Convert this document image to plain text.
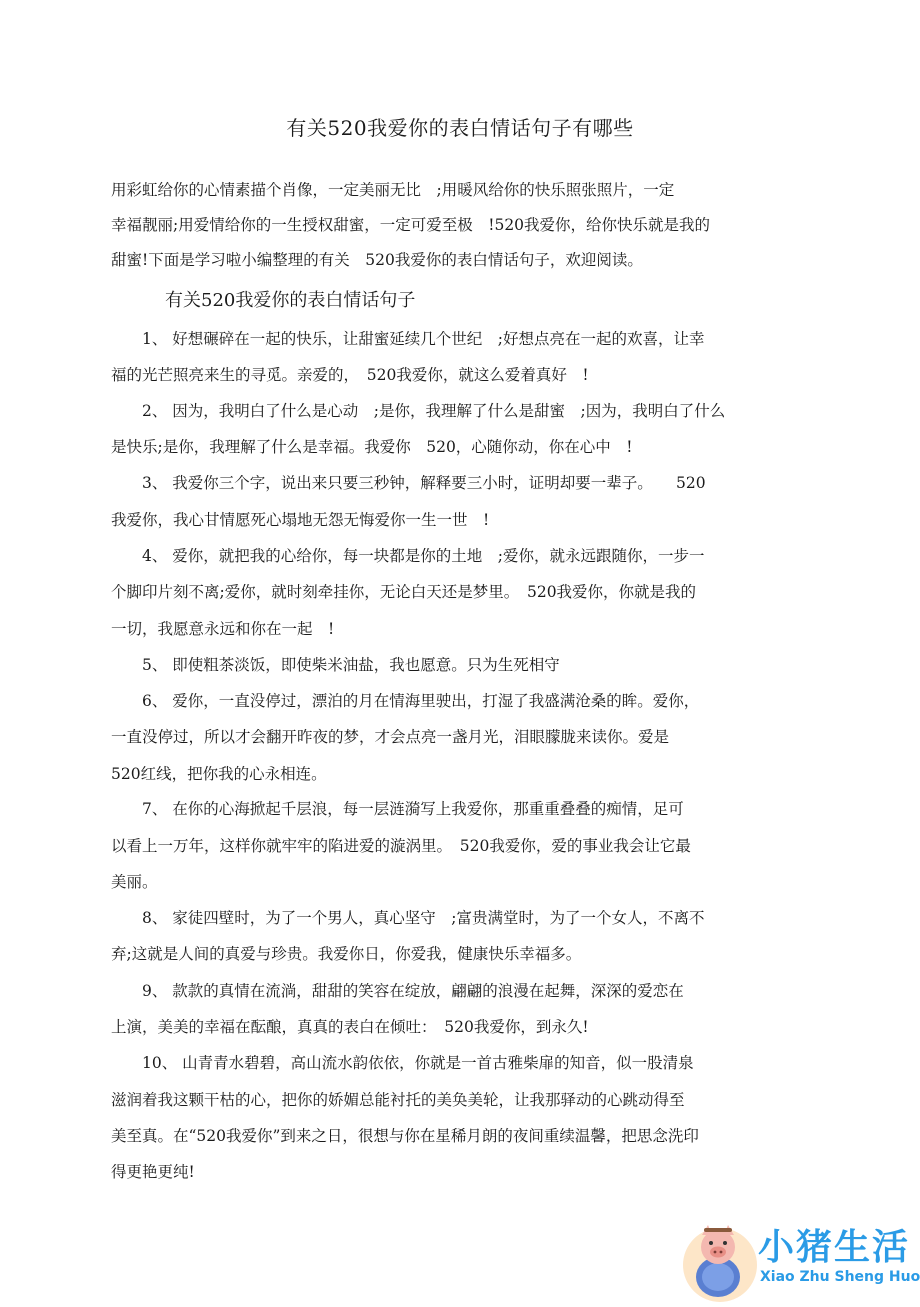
有关520我爱你的表白情话句子有哪些
用彩虹给你的心情素描个肖像，一定美丽无比　;用暖风给你的快乐照张照片，一定
幸福靓丽;用爱情给你的一生授权甜蜜，一定可爱至极　!520我爱你，给你快乐就是我的
甜蜜!下面是学习啦小编整理的有关　520我爱你的表白情话句子，欢迎阅读。
有关520我爱你的表白情话句子
　　1、 好想碾碎在一起的快乐，让甜蜜延续几个世纪　;好想点亮在一起的欢喜，让幸
福的光芒照亮来生的寻觅。亲爱的，　520我爱你，就这么爱着真好　!
　　2、 因为，我明白了什么是心动　;是你，我理解了什么是甜蜜　;因为，我明白了什么
是快乐;是你，我理解了什么是幸福。我爱你　520，心随你动，你在心中　!
　　3、 我爱你三个字，说出来只要三秒钟，解释要三小时，证明却要一辈子。　　520
我爱你，我心甘情愿死心塌地无怨无悔爱你一生一世　!
　　4、 爱你，就把我的心给你，每一块都是你的土地　;爱你，就永远跟随你，一步一
个脚印片刻不离;爱你，就时刻牵挂你，无论白天还是梦里。　520我爱你，你就是我的
一切，我愿意永远和你在一起　!
　　5、 即使粗茶淡饭，即使柴米油盐，我也愿意。只为生死相守
　　6、 爱你，一直没停过，漂泊的月在情海里驶出，打湿了我盛满沧桑的眸。爱你，
一直没停过，所以才会翻开昨夜的梦，才会点亮一盏月光，泪眼朦胧来读你。爱是
520红线，把你我的心永相连。
　　7、 在你的心海掀起千层浪，每一层涟漪写上我爱你，那重重叠叠的痴情，足可
以看上一万年，这样你就牢牢的陷进爱的漩涡里。　520我爱你，爱的事业我会让它最
美丽。
　　8、 家徒四壁时，为了一个男人，真心坚守　;富贵满堂时，为了一个女人，不离不
弃;这就是人间的真爱与珍贵。我爱你日，你爱我，健康快乐幸福多。
　　9、 款款的真情在流淌，甜甜的笑容在绽放，翩翩的浪漫在起舞，深深的爱恋在
上演，美美的幸福在酝酿，真真的表白在倾吐：　520我爱你，到永久!
　　10、 山青青水碧碧，高山流水韵依依，你就是一首古雅柴扉的知音，似一股清泉
滋润着我这颗干枯的心，把你的娇媚总能衬托的美奂美轮，让我那驿动的心跳动得至
美至真。在“520我爱你”到来之日，很想与你在星稀月朗的夜间重续温馨，把思念洗印
得更艳更纯!
小猪生活
Xiao Zhu Sheng Huo
